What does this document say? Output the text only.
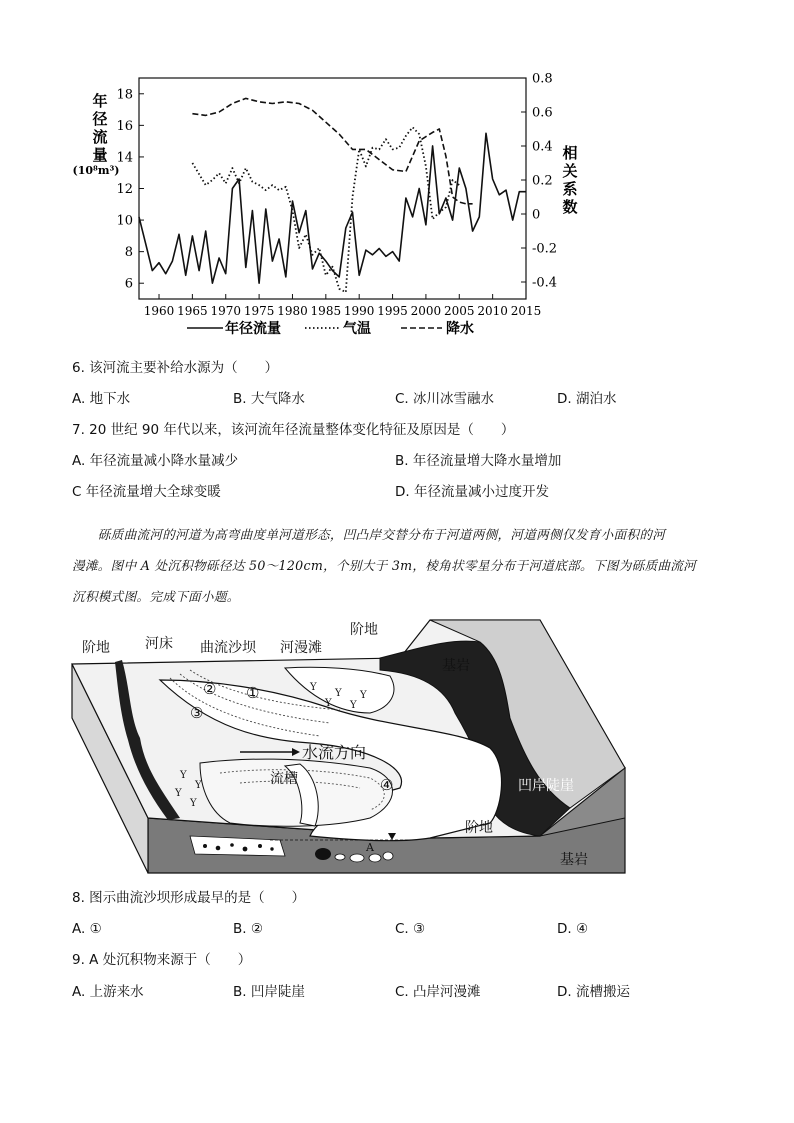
年
径
流
量
(10⁸m³)
相
关
系
数
18
16
14
12
10
8
6
0.8
0.6
0.4
0.2
0
-0.2
-0.4
1960 1965 1970 1975 1980 1985 1990 1995 2000 2005 2010 2015
年径流量	气温	降水
6. 该河流主要补给水源为（　　）
A. 地下水	B. 大气降水	C. 冰川冰雪融水	D. 湖泊水
7. 20 世纪 90 年代以来，该河流年径流量整体变化特征及原因是（　　）
A. 年径流量减小降水量减少	B. 年径流量增大降水量增加
C 年径流量增大全球变暖	D. 年径流量减小过度开发
　　砾质曲流河的河道为高弯曲度单河道形态，凹凸岸交替分布于河道两侧，河道两侧仅发育小面积的河
漫滩。图中 A 处沉积物砾径达 50～120cm，个别大于 3m，棱角状零星分布于河道底部。下图为砾质曲流河
沉积模式图。完成下面小题。
Y
Y Y
Y Y
Y
Y
Y
Y
阶地	河床 曲流沙坝 河漫滩
阶地
基岩
水流方向
流槽	凹岸陡崖
阶地
基岩
A
①
②
③
④
8. 图示曲流沙坝形成最早的是（　　）
A. ①	B. ②	C. ③	D. ④
9. A 处沉积物来源于（　　）
A. 上游来水	B. 凹岸陡崖	C. 凸岸河漫滩	D. 流槽搬运
